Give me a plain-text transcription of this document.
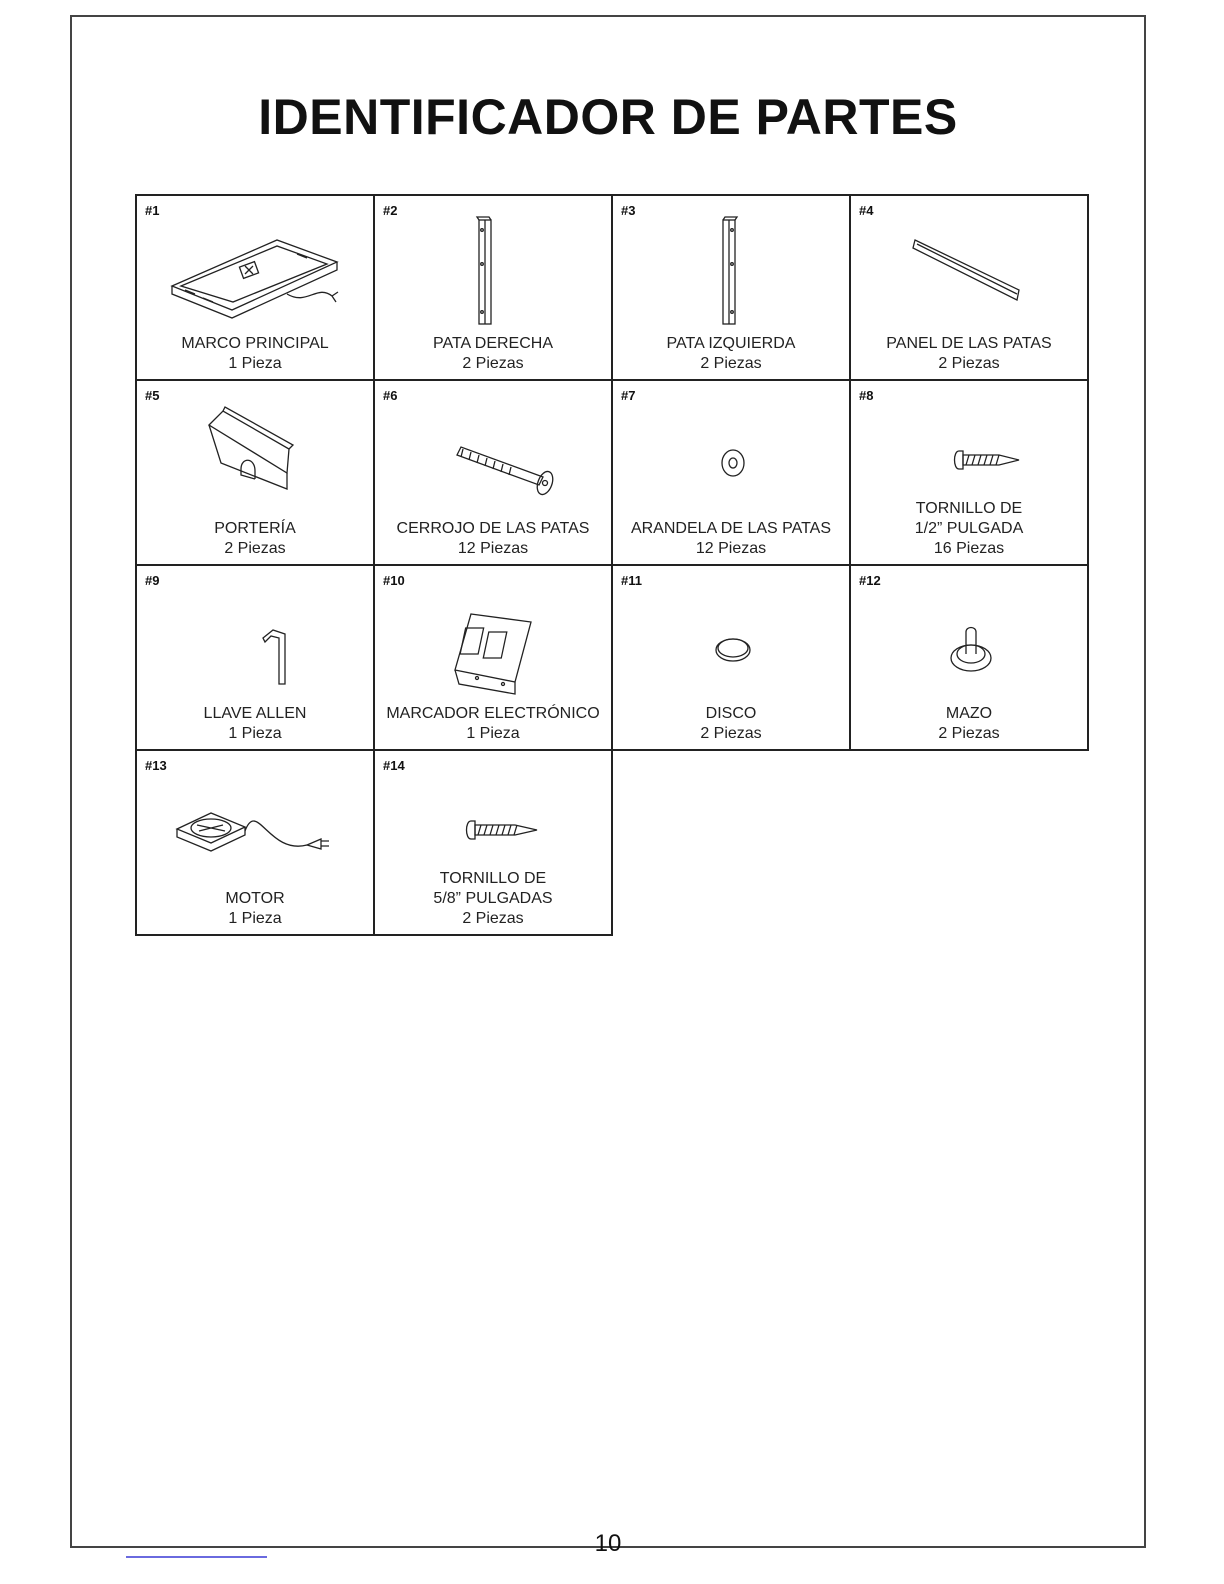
IDENTIFICADOR DE PARTES
#1
MARCO PRINCIPAL
1 Pieza
#2
PATA DERECHA
2 Piezas
#3
PATA IZQUIERDA
2 Piezas
#4
PANEL DE LAS PATAS
2 Piezas
#5
PORTERÍA
2 Piezas
#6
CERROJO DE LAS PATAS
12 Piezas
#7
ARANDELA DE LAS PATAS
12 Piezas
#8
TORNILLO DE
1/2” PULGADA
16 Piezas
#9
LLAVE ALLEN
1 Pieza
#10
MARCADOR ELECTRÓNICO
1 Pieza
#11
DISCO
2 Piezas
#12
MAZO
2 Piezas
#13
MOTOR
1 Pieza
#14
TORNILLO DE
5/8” PULGADAS
2 Piezas
10
